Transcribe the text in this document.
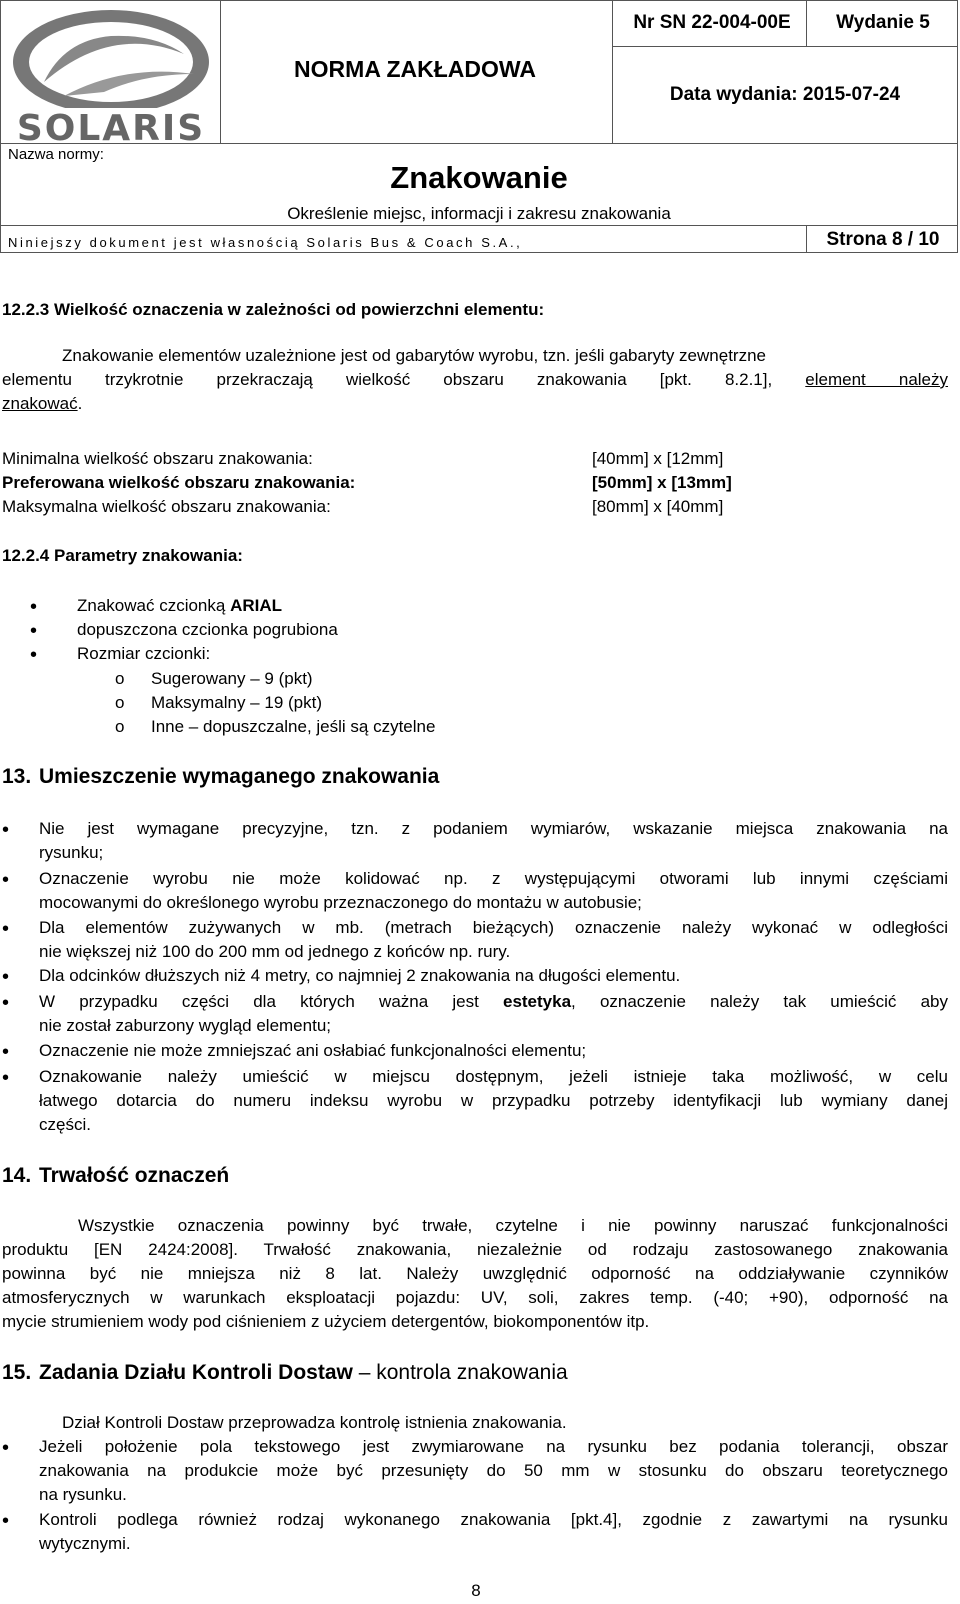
SOLARIS
NORMA ZAKŁADOWA
Nr SN 22-004-00E	Wydanie 5
Data wydania: 2015-07-24
Nazwa normy:
Znakowanie
Określenie miejsc, informacji i zakresu znakowania
Niniejszy dokument jest własnością Solaris Bus & Coach S.A.,	Strona 8 / 10
12.2.3 Wielkość oznaczenia w zależności od powierzchni elementu:
Znakowanie elementów uzależnione jest od gabarytów wyrobu, tzn. jeśli gabaryty zewnętrzne
elementu trzykrotnie przekraczają wielkość obszaru znakowania [pkt. 8.2.1], element należy
znakować.
Minimalna wielkość obszaru znakowania:	[40mm] x [12mm]
Preferowana wielkość obszaru znakowania:	[50mm] x [13mm]
Maksymalna wielkość obszaru znakowania:	[80mm] x [40mm]
12.2.4 Parametry znakowania:
• Znakować czcionką ARIAL
• dopuszczona czcionka pogrubiona
• Rozmiar czcionki:
o Sugerowany – 9 (pkt)
o Maksymalny – 19 (pkt)
o Inne – dopuszczalne, jeśli są czytelne
13. Umieszczenie wymaganego znakowania
• Nie jest wymagane precyzyjne, tzn. z podaniem wymiarów, wskazanie miejsca znakowania na
rysunku;
• Oznaczenie wyrobu nie może kolidować np. z występującymi otworami lub innymi częściami
mocowanymi do określonego wyrobu przeznaczonego do montażu w autobusie;
• Dla elementów zużywanych w mb. (metrach bieżących) oznaczenie należy wykonać w odległości
nie większej niż 100 do 200 mm od jednego z końców np. rury.
• Dla odcinków dłuższych niż 4 metry, co najmniej 2 znakowania na długości elementu.
• W przypadku części dla których ważna jest estetyka, oznaczenie należy tak umieścić aby
nie został zaburzony wygląd elementu;
• Oznaczenie nie może zmniejszać ani osłabiać funkcjonalności elementu;
• Oznakowanie należy umieścić w miejscu dostępnym, jeżeli istnieje taka możliwość, w celu
łatwego dotarcia do numeru indeksu wyrobu w przypadku potrzeby identyfikacji lub wymiany danej
części.
14. Trwałość oznaczeń
Wszystkie oznaczenia powinny być trwałe, czytelne i nie powinny naruszać funkcjonalności
produktu [EN 2424:2008]. Trwałość znakowania, niezależnie od rodzaju zastosowanego znakowania
powinna być nie mniejsza niż 8 lat. Należy uwzględnić odporność na oddziaływanie czynników
atmosferycznych w warunkach eksploatacji pojazdu: UV, soli, zakres temp. (-40; +90), odporność na
mycie strumieniem wody pod ciśnieniem z użyciem detergentów, biokomponentów itp.
15. Zadania Działu Kontroli Dostaw – kontrola znakowania
Dział Kontroli Dostaw przeprowadza kontrolę istnienia znakowania.
• Jeżeli położenie pola tekstowego jest zwymiarowane na rysunku bez podania tolerancji, obszar
znakowania na produkcie może być przesunięty do 50 mm w stosunku do obszaru teoretycznego
na rysunku.
• Kontroli podlega również rodzaj wykonanego znakowania [pkt.4], zgodnie z zawartymi na rysunku
wytycznymi.
8
